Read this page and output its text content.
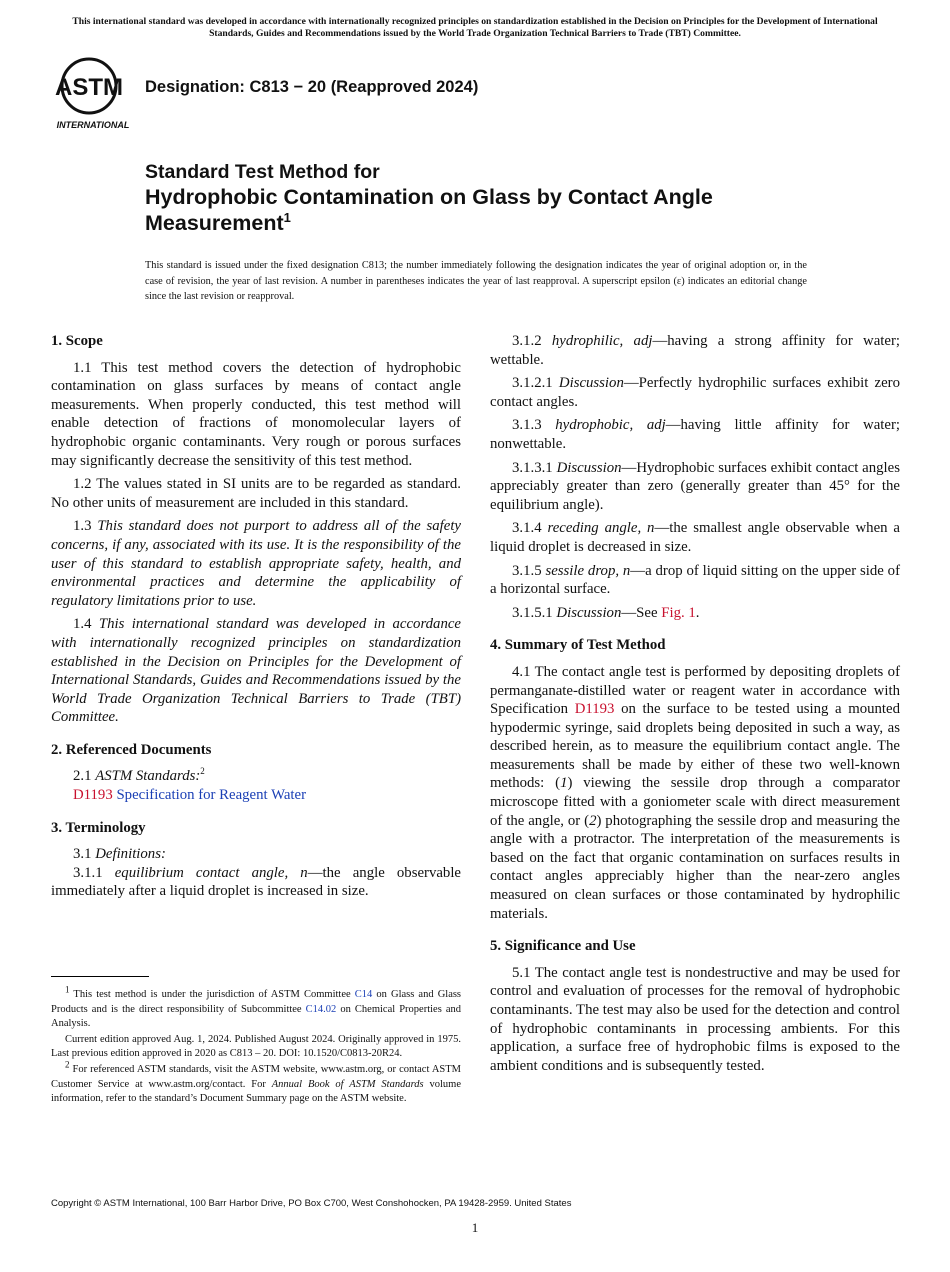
This international standard was developed in accordance with internationally recognized principles on standardization established in the Decision on Principles for the Development of International Standards, Guides and Recommendations issued by the World Trade Organization Technical Barriers to Trade (TBT) Committee.
ASTM
INTERNATIONAL
Designation: C813 − 20 (Reapproved 2024)
Standard Test Method for
Hydrophobic Contamination on Glass by Contact Angle
Measurement$^1$
This standard is issued under the fixed designation C813; the number immediately following the designation indicates the year of original adoption or, in the case of revision, the year of last revision. A number in parentheses indicates the year of last reapproval. A superscript epsilon (ε) indicates an editorial change since the last revision or reapproval.
1. Scope

1.1 This test method covers the detection of hydrophobic contamination on glass surfaces by means of contact angle measurements. When properly conducted, this test method will enable detection of fractions of monomolecular layers of hydrophobic organic contaminants. Very rough or porous surfaces may significantly decrease the sensitivity of this test method.

1.2 The values stated in SI units are to be regarded as standard. No other units of measurement are included in this standard.

1.3 This standard does not purport to address all of the safety concerns, if any, associated with its use. It is the responsibility of the user of this standard to establish appropriate safety, health, and environmental practices and determine the applicability of regulatory limitations prior to use.

1.4 This international standard was developed in accordance with internationally recognized principles on standardization established in the Decision on Principles for the Development of International Standards, Guides and Recommendations issued by the World Trade Organization Technical Barriers to Trade (TBT) Committee.

2. Referenced Documents

2.1 ASTM Standards:$^2$

D1193 Specification for Reagent Water

3. Terminology

3.1 Definitions:

3.1.1 equilibrium contact angle, n—the angle observable immediately after a liquid droplet is increased in size.

3.1.2 hydrophilic, adj—having a strong affinity for water; wettable.

3.1.2.1 Discussion—Perfectly hydrophilic surfaces exhibit zero contact angles.

3.1.3 hydrophobic, adj—having little affinity for water; nonwettable.

3.1.3.1 Discussion—Hydrophobic surfaces exhibit contact angles appreciably greater than zero (generally greater than 45° for the equilibrium angle).

3.1.4 receding angle, n—the smallest angle observable when a liquid droplet is decreased in size.

3.1.5 sessile drop, n—a drop of liquid sitting on the upper side of a horizontal surface.

3.1.5.1 Discussion—See Fig. 1.

4. Summary of Test Method

4.1 The contact angle test is performed by depositing droplets of permanganate-distilled water or reagent water in accordance with Specification D1193 on the surface to be tested using a mounted hypodermic syringe, said droplets being deposited in such a way, as described herein, as to measure the equilibrium contact angle. The measurements shall be made by either of these two well-known methods: (1) viewing the sessile drop through a comparator microscope fitted with a goniometer scale with direct measurement of the angle, or (2) photographing the sessile drop and measuring the angle with a protractor. The interpretation of the measurements is based on the fact that organic contamination on surfaces results in contact angles appreciably higher than the near-zero angles measured on clean surfaces or those contaminated by hydrophilic materials.

5. Significance and Use

5.1 The contact angle test is nondestructive and may be used for control and evaluation of processes for the removal of hydrophobic contaminants. The test may also be used for the detection and control of hydrophobic contaminants in processing ambients. For this application, a surface free of hydrophobic films is exposed to the ambient conditions and is subsequently tested.

$^1$ This test method is under the jurisdiction of ASTM Committee C14 on Glass and Glass Products and is the direct responsibility of Subcommittee C14.02 on Chemical Properties and Analysis.

Current edition approved Aug. 1, 2024. Published August 2024. Originally approved in 1975. Last previous edition approved in 2020 as C813 – 20. DOI: 10.1520/C0813-20R24.

$^2$ For referenced ASTM standards, visit the ASTM website, www.astm.org, or contact ASTM Customer Service at www.astm.org/contact. For Annual Book of ASTM Standards volume information, refer to the standard’s Document Summary page on the ASTM website.

Copyright © ASTM International, 100 Barr Harbor Drive, PO Box C700, West Conshohocken, PA 19428-2959. United States
1
